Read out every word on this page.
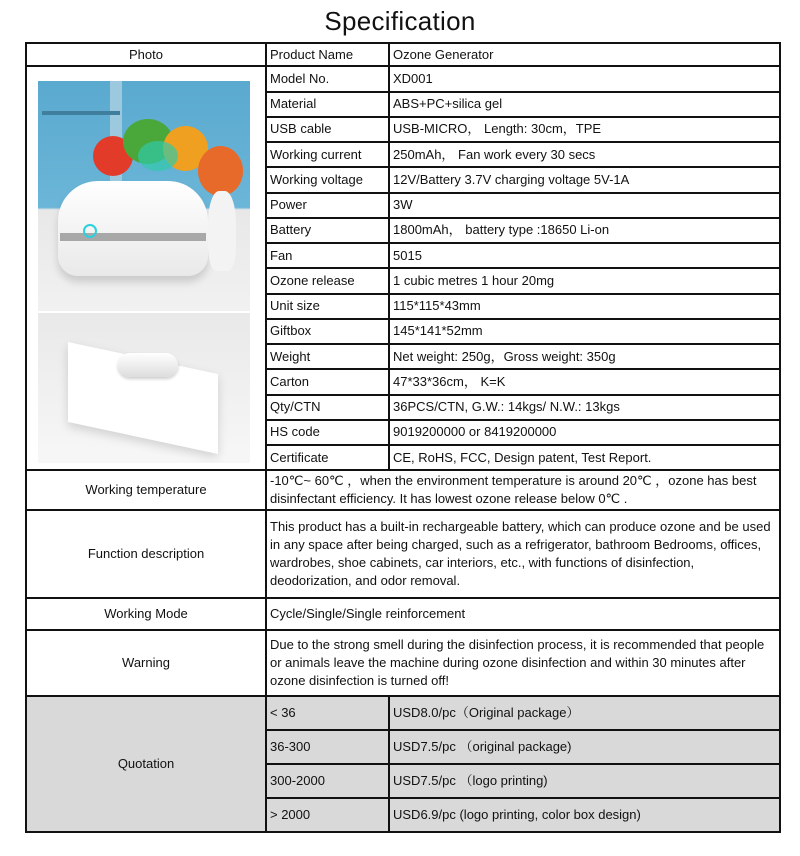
Specification
Photo	Product Name	Ozone Generator

	Model No.	XD001
	Material	ABS+PC+silica gel
	USB cable	USB-MICRO， Length: 30cm，TPE
	Working current	250mAh， Fan work every 30 secs
	Working voltage	12V/Battery 3.7V charging voltage 5V-1A
	Power	3W
	Battery	1800mAh， battery type :18650 Li-on
	Fan	5015
	Ozone release	1 cubic metres 1 hour 20mg
	Unit size	115*115*43mm
	Giftbox	145*141*52mm
	Weight	Net weight: 250g，Gross weight: 350g
	Carton	47*33*36cm， K=K
	Qty/CTN	36PCS/CTN, G.W.: 14kgs/ N.W.: 13kgs
	HS code	9019200000 or 8419200000
	Certificate	CE, RoHS, FCC, Design patent, Test Report.
Working temperature	-10℃~ 60℃ ，when the environment temperature is around 20℃ ，ozone has best disinfectant efficiency. It has lowest ozone release below 0℃ .	
Function description	This product has a built-in rechargeable battery, which can produce ozone and be used in any space after being charged, such as a refrigerator, bathroom Bedrooms, offices, wardrobes, shoe cabinets, car interiors, etc., with functions of disinfection, deodorization, and odor removal.	
Working Mode	Cycle/Single/Single reinforcement	
Warning	Due to the strong smell during the disinfection process, it is recommended that people or animals leave the machine during ozone disinfection and within 30 minutes after ozone disinfection is turned off!	
Quotation	< 36	USD8.0/pc（Original package）
	36-300	USD7.5/pc （original package)
	300-2000	USD7.5/pc （logo printing)
	> 2000	USD6.9/pc (logo printing, color box design)
